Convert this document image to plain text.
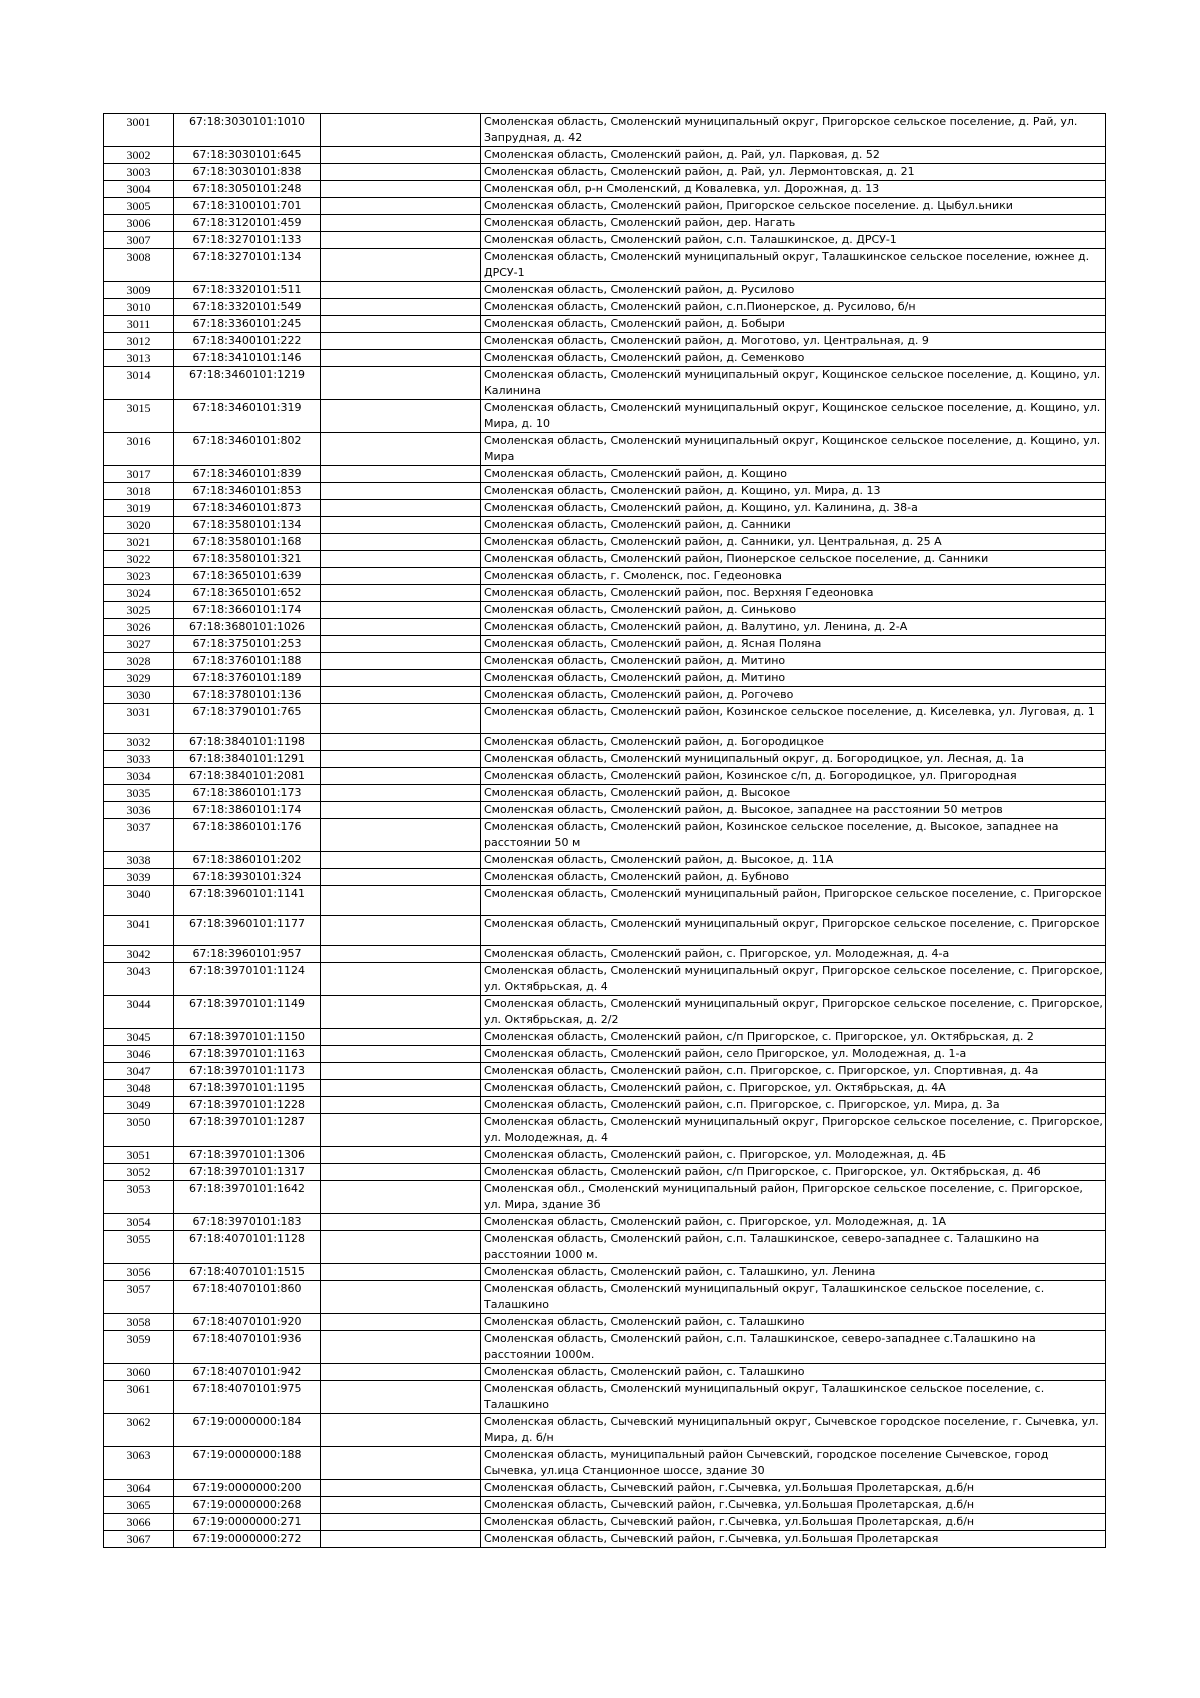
3001	67:18:3030101:1010		Смоленская область, Смоленский муниципальный округ, Пригорское сельское поселение, д. Рай, ул. Запрудная, д. 42
3002	67:18:3030101:645		Смоленская область, Смоленский район, д. Рай, ул. Парковая, д. 52
3003	67:18:3030101:838		Смоленская область, Смоленский район, д. Рай, ул. Лермонтовская, д. 21
3004	67:18:3050101:248		Смоленская обл, р-н Смоленский, д Ковалевка, ул. Дорожная, д. 13
3005	67:18:3100101:701		Смоленская область, Смоленский район, Пригорское сельское поселение. д. Цыбул.ьники
3006	67:18:3120101:459		Смоленская область, Смоленский район, дер. Нагать
3007	67:18:3270101:133		Смоленская область, Смоленский район, с.п. Талашкинское, д. ДРСУ-1
3008	67:18:3270101:134		Смоленская область, Смоленский муниципальный округ, Талашкинское сельское поселение, южнее д. ДРСУ-1
3009	67:18:3320101:511		Смоленская область, Смоленский район, д. Русилово
3010	67:18:3320101:549		Смоленская область, Смоленский район, с.п.Пионерское, д. Русилово, б/н
3011	67:18:3360101:245		Смоленская область, Смоленский район, д. Бобыри
3012	67:18:3400101:222		Смоленская область, Смоленский район, д. Моготово, ул. Центральная, д. 9
3013	67:18:3410101:146		Смоленская область, Смоленский район, д. Семенково
3014	67:18:3460101:1219		Смоленская область, Смоленский муниципальный округ, Кощинское сельское поселение, д. Кощино, ул. Калинина
3015	67:18:3460101:319		Смоленская область, Смоленский муниципальный округ, Кощинское сельское поселение, д. Кощино, ул. Мира, д. 10
3016	67:18:3460101:802		Смоленская область, Смоленский муниципальный округ, Кощинское сельское поселение, д. Кощино, ул. Мира
3017	67:18:3460101:839		Смоленская область, Смоленский район, д. Кощино
3018	67:18:3460101:853		Смоленская область, Смоленский район, д. Кощино, ул. Мира, д. 13
3019	67:18:3460101:873		Смоленская область, Смоленский район, д. Кощино, ул. Калинина, д. 38-а
3020	67:18:3580101:134		Смоленская область, Смоленский район, д. Санники
3021	67:18:3580101:168		Смоленская область, Смоленский район, д. Санники, ул. Центральная, д. 25 А
3022	67:18:3580101:321		Смоленская область, Смоленский район, Пионерское сельское поселение, д. Санники
3023	67:18:3650101:639		Смоленская область, г. Смоленск, пос. Гедеоновка
3024	67:18:3650101:652		Смоленская область, Смоленский район, пос. Верхняя Гедеоновка
3025	67:18:3660101:174		Смоленская область, Смоленский район, д. Синьково
3026	67:18:3680101:1026		Смоленская область, Смоленский район, д. Валутино, ул. Ленина, д. 2-А
3027	67:18:3750101:253		Смоленская область, Смоленский район, д. Ясная Поляна
3028	67:18:3760101:188		Смоленская область, Смоленский район, д. Митино
3029	67:18:3760101:189		Смоленская область, Смоленский район, д. Митино
3030	67:18:3780101:136		Смоленская область, Смоленский район, д. Рогочево
3031	67:18:3790101:765		Смоленская область, Смоленский район, Козинское сельское поселение, д. Киселевка, ул. Луговая, д. 1
3032	67:18:3840101:1198		Смоленская область, Смоленский район, д. Богородицкое
3033	67:18:3840101:1291		Смоленская область, Смоленский муниципальный округ, д. Богородицкое, ул. Лесная, д. 1а
3034	67:18:3840101:2081		Смоленская область, Смоленский район, Козинское с/п, д. Богородицкое, ул. Пригородная
3035	67:18:3860101:173		Смоленская область, Смоленский район, д. Высокое
3036	67:18:3860101:174		Смоленская область, Смоленский район, д. Высокое, западнее на расстоянии 50 метров
3037	67:18:3860101:176		Смоленская область, Смоленский район, Козинское сельское поселение, д. Высокое, западнее на расстоянии 50 м
3038	67:18:3860101:202		Смоленская область, Смоленский район, д. Высокое, д. 11А
3039	67:18:3930101:324		Смоленская область, Смоленский район, д. Бубново
3040	67:18:3960101:1141		Смоленская область, Смоленский муниципальный район, Пригорское сельское поселение, с. Пригорское
3041	67:18:3960101:1177		Смоленская область, Смоленский муниципальный округ, Пригорское сельское поселение, с. Пригорское
3042	67:18:3960101:957		Смоленская область, Смоленский район, с. Пригорское, ул. Молодежная, д. 4-а
3043	67:18:3970101:1124		Смоленская область, Смоленский муниципальный округ, Пригорское сельское поселение, с. Пригорское, ул. Октябрьская, д. 4
3044	67:18:3970101:1149		Смоленская область, Смоленский муниципальный округ, Пригорское сельское поселение, с. Пригорское, ул. Октябрьская, д. 2/2
3045	67:18:3970101:1150		Смоленская область, Смоленский район, с/п Пригорское, с. Пригорское, ул. Октябрьская, д. 2
3046	67:18:3970101:1163		Смоленская область, Смоленский район, село Пригорское, ул. Молодежная, д. 1-а
3047	67:18:3970101:1173		Смоленская область, Смоленский район, с.п. Пригорское, с. Пригорское, ул. Спортивная, д. 4а
3048	67:18:3970101:1195		Смоленская область, Смоленский район, с. Пригорское, ул. Октябрьская, д. 4А
3049	67:18:3970101:1228		Смоленская область, Смоленский район, с.п. Пригорское, с. Пригорское, ул. Мира, д. 3а
3050	67:18:3970101:1287		Смоленская область, Смоленский муниципальный округ, Пригорское сельское поселение, с. Пригорское, ул. Молодежная, д. 4
3051	67:18:3970101:1306		Смоленская область, Смоленский район, с. Пригорское, ул. Молодежная, д. 4Б
3052	67:18:3970101:1317		Смоленская область, Смоленский район, с/п Пригорское, с. Пригорское, ул. Октябрьская, д. 4б
3053	67:18:3970101:1642		Смоленская обл., Смоленский муниципальный район, Пригорское сельское поселение, с. Пригорское, ул. Мира, здание 3б
3054	67:18:3970101:183		Смоленская область, Смоленский район, с. Пригорское, ул. Молодежная, д. 1А
3055	67:18:4070101:1128		Смоленская область, Смоленский район, с.п. Талашкинское, северо-западнее с. Талашкино на расстоянии 1000 м.
3056	67:18:4070101:1515		Смоленская область, Смоленский район, с. Талашкино, ул. Ленина
3057	67:18:4070101:860		Смоленская область, Смоленский муниципальный округ, Талашкинское сельское поселение, с. Талашкино
3058	67:18:4070101:920		Смоленская область, Смоленский район, с. Талашкино
3059	67:18:4070101:936		Смоленская область, Смоленский район, с.п. Талашкинское, северо-западнее с.Талашкино на расстоянии 1000м.
3060	67:18:4070101:942		Смоленская область, Смоленский район, с. Талашкино
3061	67:18:4070101:975		Смоленская область, Смоленский муниципальный округ, Талашкинское сельское поселение, с. Талашкино
3062	67:19:0000000:184		Смоленская область, Сычевский муниципальный округ, Сычевское городское поселение, г. Сычевка, ул. Мира, д. б/н
3063	67:19:0000000:188		Смоленская область, муниципальный район Сычевский, городское поселение Сычевское, город Сычевка, ул.ица Станционное шоссе, здание 30
3064	67:19:0000000:200		Смоленская область, Сычевский район, г.Сычевка, ул.Большая Пролетарская, д.б/н
3065	67:19:0000000:268		Смоленская область, Сычевский район, г.Сычевка, ул.Большая Пролетарская, д.б/н
3066	67:19:0000000:271		Смоленская область, Сычевский район, г.Сычевка, ул.Большая Пролетарская, д.б/н
3067	67:19:0000000:272		Смоленская область, Сычевский район, г.Сычевка, ул.Большая Пролетарская
